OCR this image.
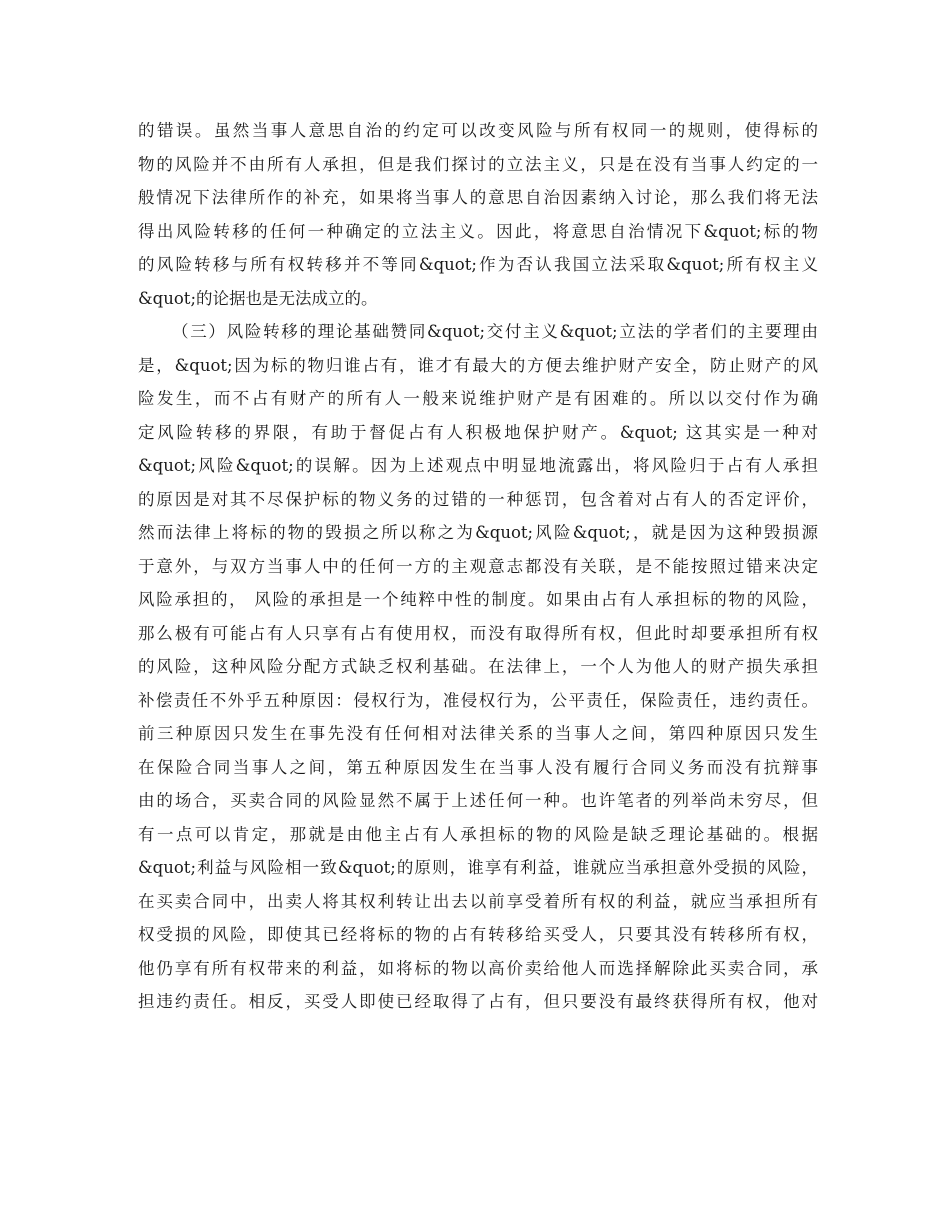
的错误。虽然当事人意思自治的约定可以改变风险与所有权同一的规则，使得标的
物的风险并不由所有人承担，但是我们探讨的立法主义，只是在没有当事人约定的一
般情况下法律所作的补充，如果将当事人的意思自治因素纳入讨论，那么我们将无法
得出风险转移的任何一种确定的立法主义。因此，将意思自治情况下&quot;标的物
的风险转移与所有权转移并不等同&quot;作为否认我国立法采取&quot;所有权主义
&quot;的论据也是无法成立的。
（三）风险转移的理论基础赞同&quot;交付主义&quot;立法的学者们的主要理由
是，&quot;因为标的物归谁占有，谁才有最大的方便去维护财产安全，防止财产的风
险发生，而不占有财产的所有人一般来说维护财产是有困难的。所以以交付作为确
定风险转移的界限，有助于督促占有人积极地保护财产。&quot; 这其实是一种对
&quot;风险&quot;的误解。因为上述观点中明显地流露出，将风险归于占有人承担
的原因是对其不尽保护标的物义务的过错的一种惩罚，包含着对占有人的否定评价，
然而法律上将标的物的毁损之所以称之为&quot;风险&quot;，就是因为这种毁损源
于意外，与双方当事人中的任何一方的主观意志都没有关联，是不能按照过错来决定
风险承担的， 风险的承担是一个纯粹中性的制度。如果由占有人承担标的物的风险，
那么极有可能占有人只享有占有使用权，而没有取得所有权，但此时却要承担所有权
的风险，这种风险分配方式缺乏权利基础。在法律上，一个人为他人的财产损失承担
补偿责任不外乎五种原因：侵权行为，准侵权行为，公平责任，保险责任，违约责任。
前三种原因只发生在事先没有任何相对法律关系的当事人之间，第四种原因只发生
在保险合同当事人之间，第五种原因发生在当事人没有履行合同义务而没有抗辩事
由的场合，买卖合同的风险显然不属于上述任何一种。也许笔者的列举尚未穷尽，但
有一点可以肯定，那就是由他主占有人承担标的物的风险是缺乏理论基础的。根据
&quot;利益与风险相一致&quot;的原则，谁享有利益，谁就应当承担意外受损的风险，
在买卖合同中，出卖人将其权利转让出去以前享受着所有权的利益，就应当承担所有
权受损的风险，即使其已经将标的物的占有转移给买受人，只要其没有转移所有权，
他仍享有所有权带来的利益，如将标的物以高价卖给他人而选择解除此买卖合同，承
担违约责任。相反，买受人即使已经取得了占有，但只要没有最终获得所有权，他对
